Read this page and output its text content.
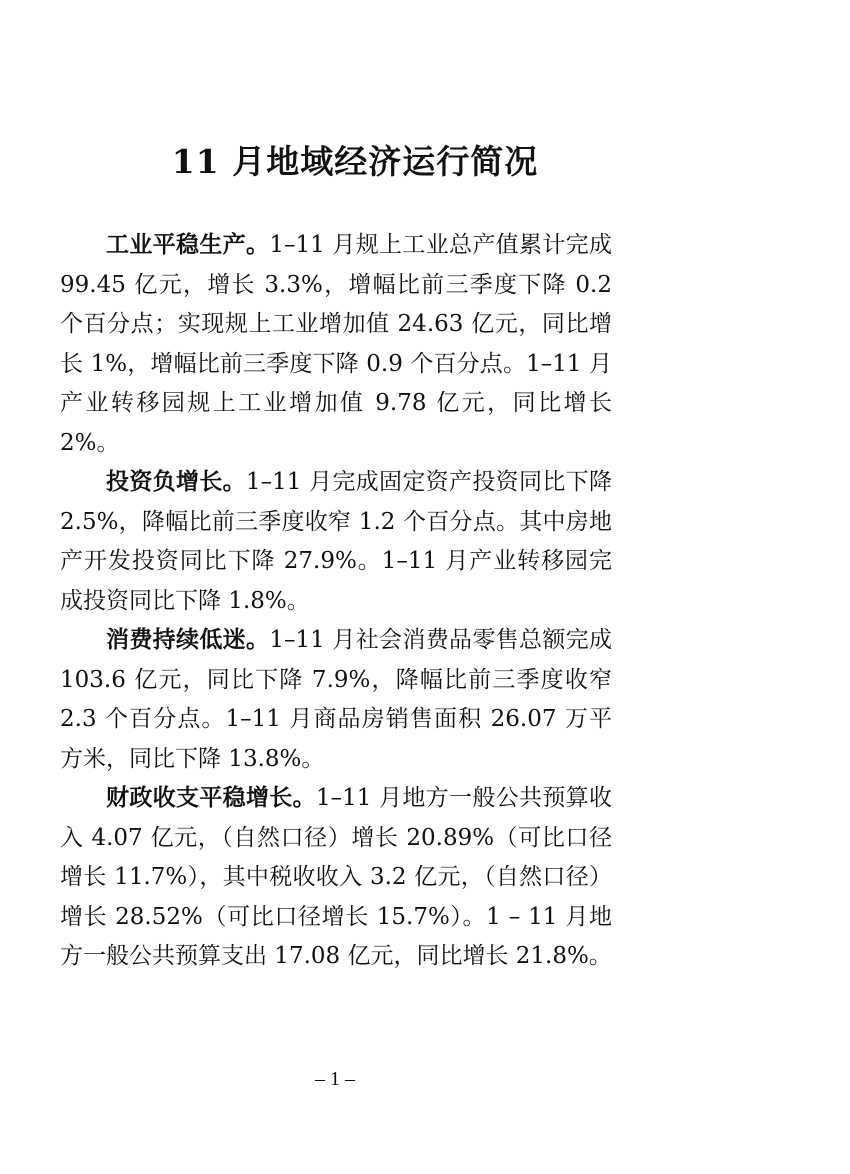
11 月地域经济运行简况

工业平稳生产。1–11 月规上工业总产值累计完成 99.45 亿元，增长 3.3%，增幅比前三季度下降 0.2 个百分点；实现规上工业增加值 24.63 亿元，同比增长 1%，增幅比前三季度下降 0.9 个百分点。1–11 月产业转移园规上工业增加值 9.78 亿元，同比增长 2%。

投资负增长。1–11 月完成固定资产投资同比下降 2.5%，降幅比前三季度收窄 1.2 个百分点。其中房地产开发投资同比下降 27.9%。1–11 月产业转移园完成投资同比下降 1.8%。

消费持续低迷。1–11 月社会消费品零售总额完成 103.6 亿元，同比下降 7.9%，降幅比前三季度收窄 2.3 个百分点。1–11 月商品房销售面积 26.07 万平方米，同比下降 13.8%。

财政收支平稳增长。1–11 月地方一般公共预算收入 4.07 亿元，（自然口径）增长 20.89%（可比口径增长 11.7%），其中税收收入 3.2 亿元，（自然口径）增长 28.52%（可比口径增长 15.7%）。1 – 11 月地方一般公共预算支出 17.08 亿元，同比增长 21.8%。

– 1 –
